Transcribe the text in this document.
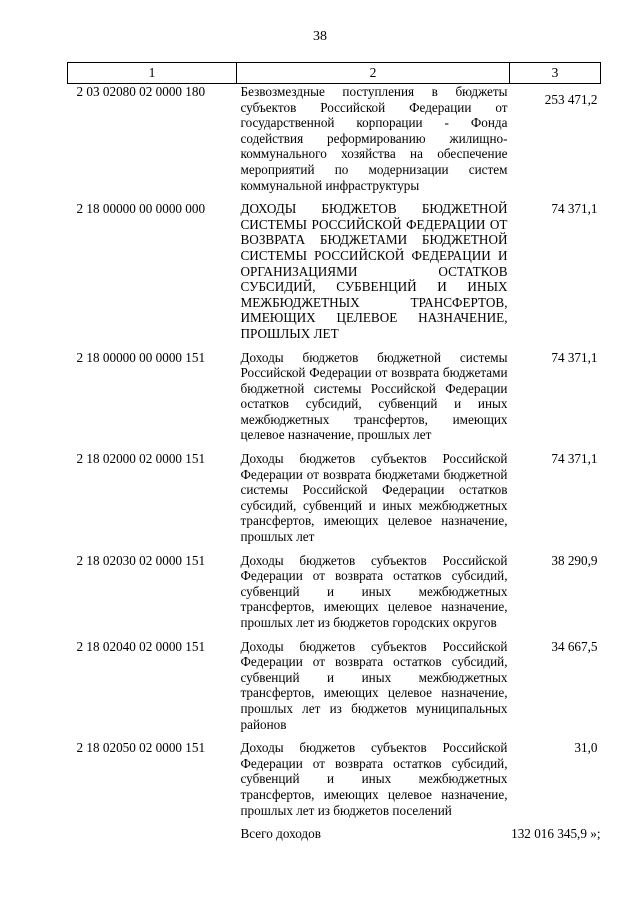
38
1	2	3
2 03 02080 02 0000 180	Безвозмездные поступления в бюджеты субъектов Российской Федерации от государственной корпорации - Фонда содействия реформированию жилищно-коммунального хозяйства на обеспечение мероприятий по модернизации систем коммунальной инфраструктуры	253 471,2
2 18 00000 00 0000 000	ДОХОДЫ БЮДЖЕТОВ БЮДЖЕТНОЙ СИСТЕМЫ РОССИЙСКОЙ ФЕДЕРАЦИИ ОТ ВОЗВРАТА БЮДЖЕТАМИ БЮДЖЕТНОЙ СИСТЕМЫ РОССИЙСКОЙ ФЕДЕРАЦИИ И ОРГАНИЗАЦИЯМИ ОСТАТКОВ СУБСИДИЙ, СУБВЕНЦИЙ И ИНЫХ МЕЖБЮДЖЕТНЫХ ТРАНСФЕРТОВ, ИМЕЮЩИХ ЦЕЛЕВОЕ НАЗНАЧЕНИЕ, ПРОШЛЫХ ЛЕТ	74 371,1
2 18 00000 00 0000 151	Доходы бюджетов бюджетной системы Российской Федерации от возврата бюджетами бюджетной системы Российской Федерации остатков субсидий, субвенций и иных межбюджетных трансфертов, имеющих целевое назначение, прошлых лет	74 371,1
2 18 02000 02 0000 151	Доходы бюджетов субъектов Российской Федерации от возврата бюджетами бюджетной системы Российской Федерации остатков субсидий, субвенций и иных межбюджетных трансфертов, имеющих целевое назначение, прошлых лет	74 371,1
2 18 02030 02 0000 151	Доходы бюджетов субъектов Российской Федерации от возврата остатков субсидий, субвенций и иных межбюджетных трансфертов, имеющих целевое назначение, прошлых лет из бюджетов городских округов	38 290,9
2 18 02040 02 0000 151	Доходы бюджетов субъектов Российской Федерации от возврата остатков субсидий, субвенций и иных межбюджетных трансфертов, имеющих целевое назначение, прошлых лет из бюджетов муниципальных районов	34 667,5
2 18 02050 02 0000 151	Доходы бюджетов субъектов Российской Федерации от возврата остатков субсидий, субвенций и иных межбюджетных трансфертов, имеющих целевое назначение, прошлых лет из бюджетов поселений	31,0
	Всего доходов	132 016 345,9 »;
